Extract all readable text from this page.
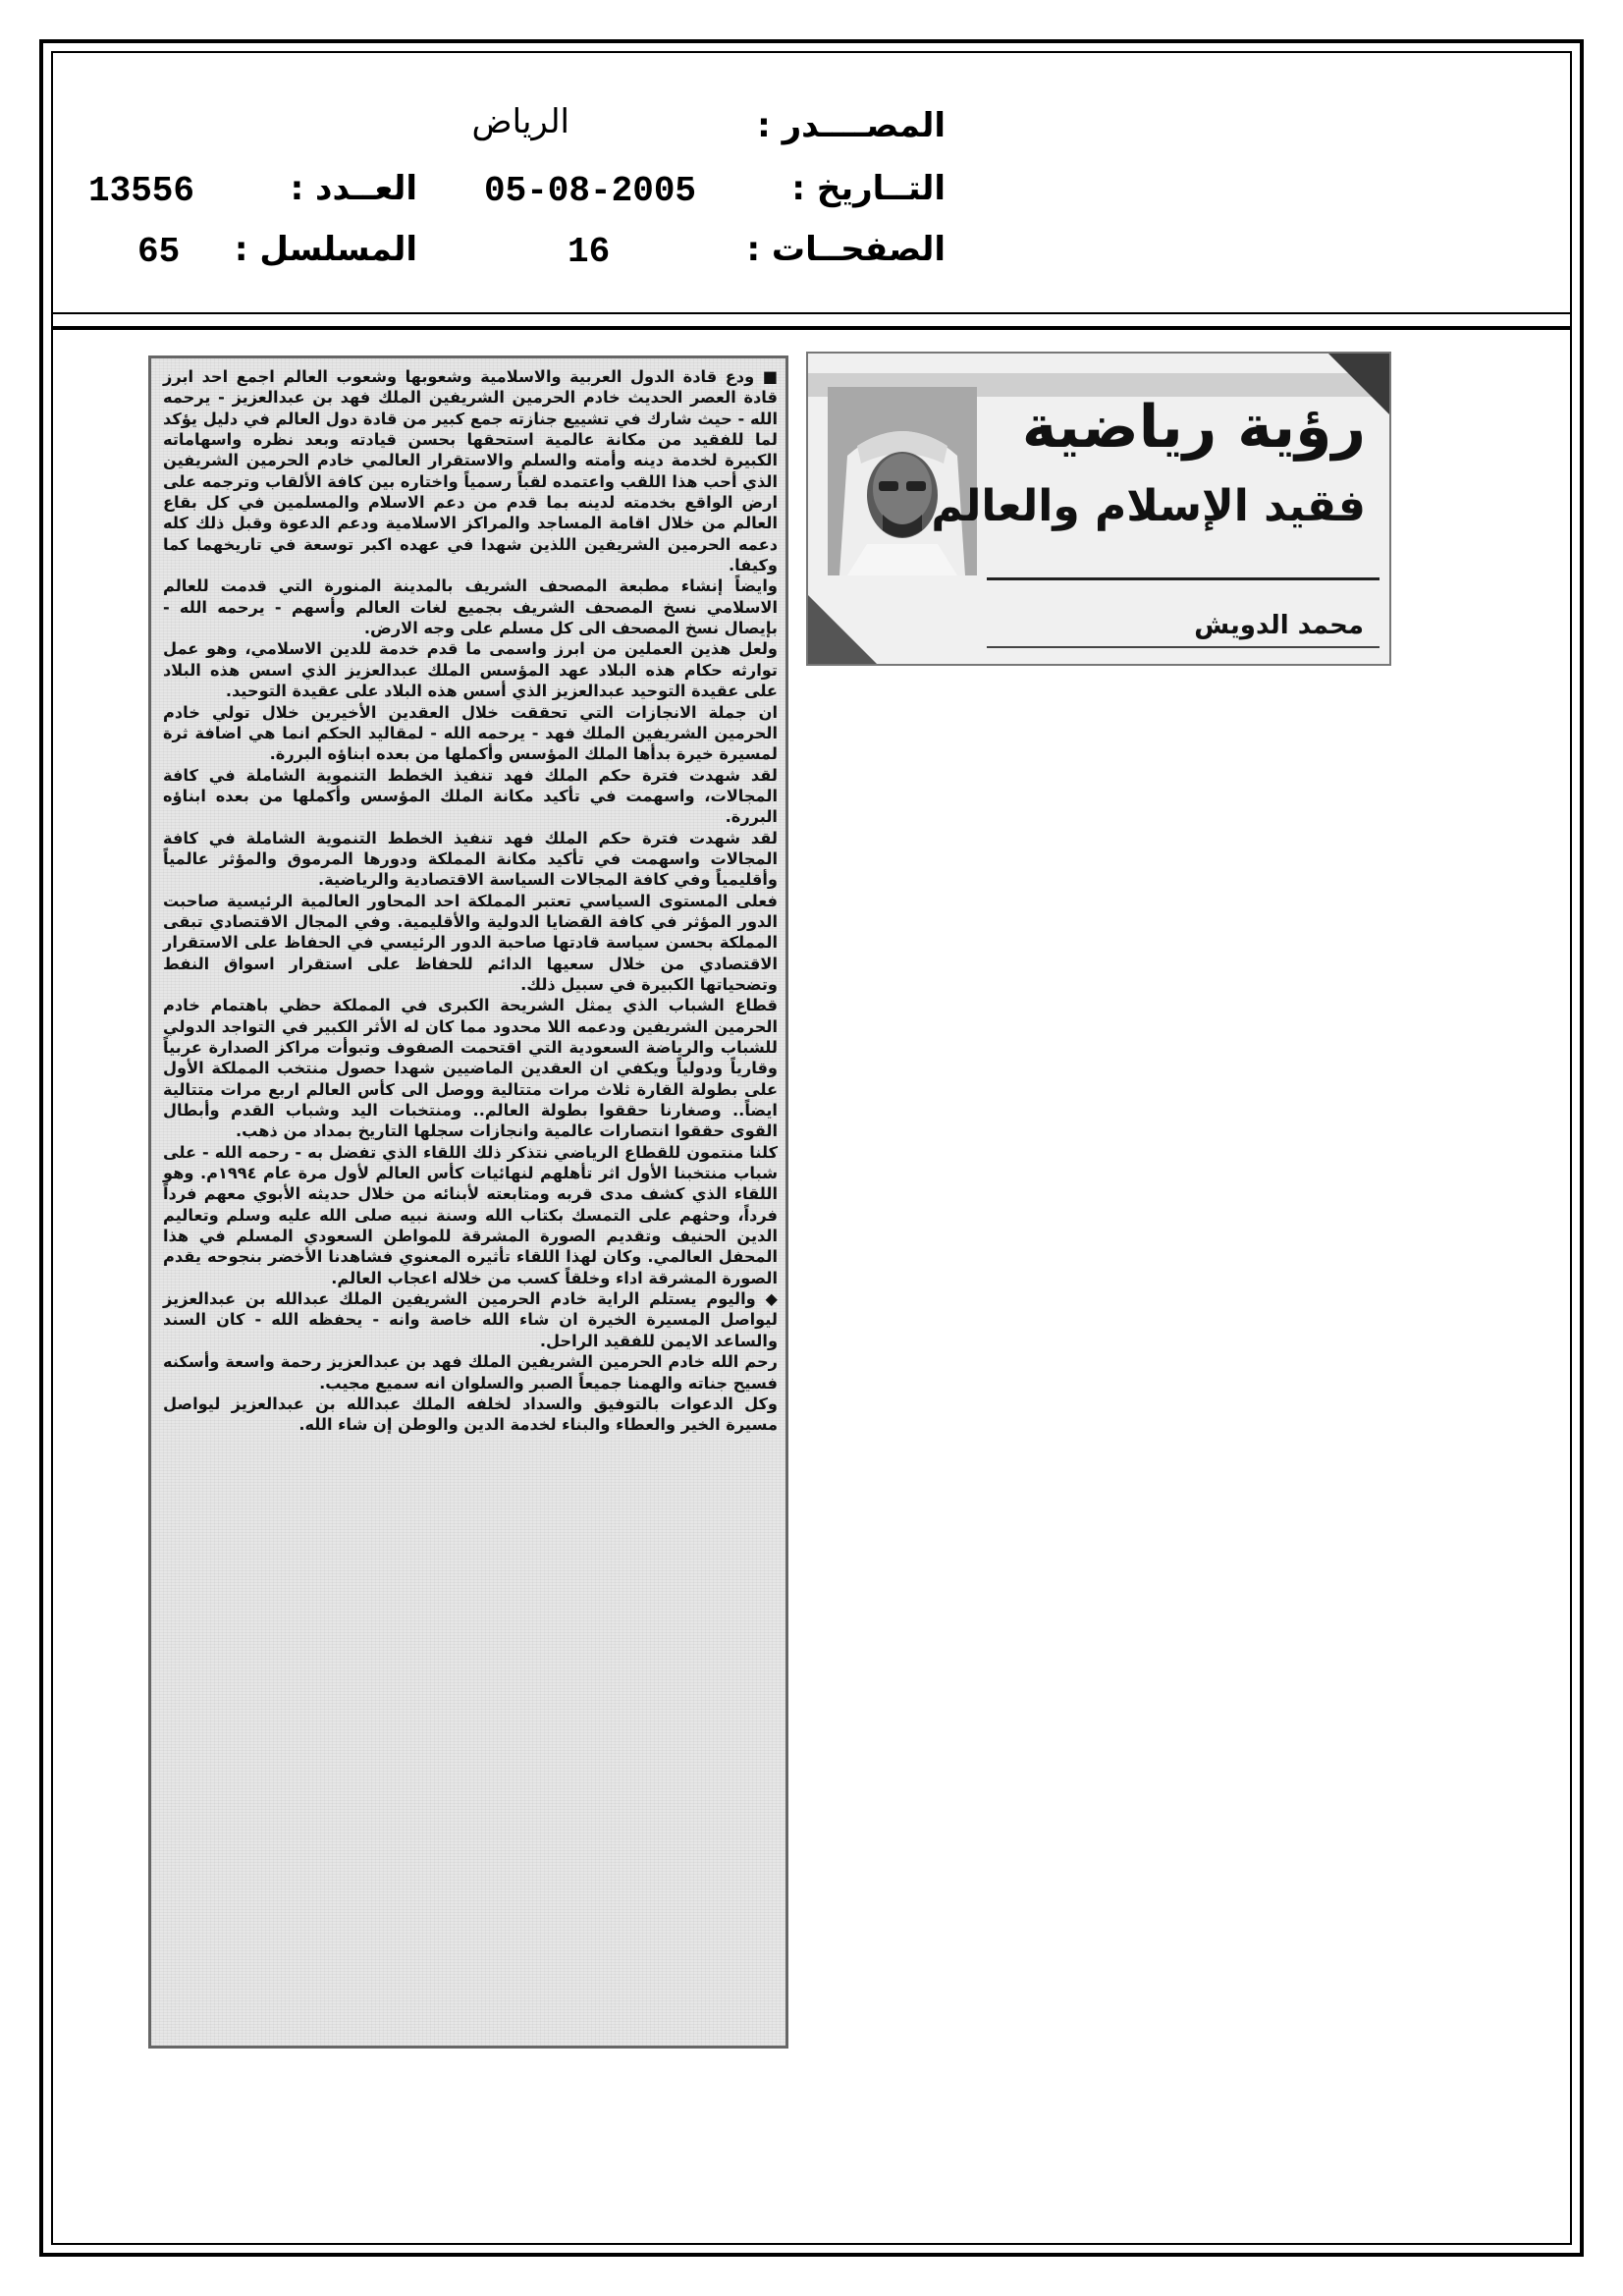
المصــــدر :
الرياض
التــاريخ :
05-08-2005
العــدد :
13556
الصفحــات :
16
المسلسل :
65
رؤية رياضية
فقيد الإسلام والعالم
محمد الدويش

■ ودع قادة الدول العربية والاسلامية وشعوبها وشعوب العالم اجمع احد ابرز قادة العصر الحديث خادم الحرمين الشريفين الملك فهد بن عبدالعزيز - يرحمه الله - حيث شارك في تشييع جنازته جمع كبير من قادة دول العالم في دليل يؤكد لما للفقيد من مكانة عالمية استحقها بحسن قيادته وبعد نظره واسهاماته الكبيرة لخدمة دينه وأمته والسلم والاستقرار العالمي خادم الحرمين الشريفين الذي أحب هذا اللقب واعتمده لقباً رسمياً واختاره بين كافة الألقاب وترجمه على ارض الواقع بخدمته لدينه بما قدم من دعم الاسلام والمسلمين في كل بقاع العالم من خلال اقامة المساجد والمراكز الاسلامية ودعم الدعوة وقبل ذلك كله دعمه الحرمين الشريفين اللذين شهدا في عهده اكبر توسعة في تاريخهما كما وكيفا.

وايضاً إنشاء مطبعة المصحف الشريف بالمدينة المنورة التي قدمت للعالم الاسلامي نسخ المصحف الشريف بجميع لغات العالم وأسهم - يرحمه الله - بإيصال نسخ المصحف الى كل مسلم على وجه الارض.

ولعل هذين العملين من ابرز واسمى ما قدم خدمة للدين الاسلامي، وهو عمل توارثه حكام هذه البلاد عهد المؤسس الملك عبدالعزيز الذي اسس هذه البلاد على عقيدة التوحيد عبدالعزيز الذي أسس هذه البلاد على عقيدة التوحيد.

ان جملة الانجازات التي تحققت خلال العقدين الأخيرين خلال تولي خادم الحرمين الشريفين الملك فهد - يرحمه الله - لمقاليد الحكم انما هي اضافة ثرة لمسيرة خيرة بدأها الملك المؤسس وأكملها من بعده ابناؤه البررة.

لقد شهدت فترة حكم الملك فهد تنفيذ الخطط التنموية الشاملة في كافة المجالات، واسهمت في تأكيد مكانة الملك المؤسس وأكملها من بعده ابناؤه البررة.

لقد شهدت فترة حكم الملك فهد تنفيذ الخطط التنموية الشاملة في كافة المجالات واسهمت في تأكيد مكانة المملكة ودورها المرموق والمؤثر عالمياً وأقليمياً وفي كافة المجالات السياسة الاقتصادية والرياضية.

فعلى المستوى السياسي تعتبر المملكة احد المحاور العالمية الرئيسية صاحبت الدور المؤثر في كافة القضايا الدولية والأقليمية. وفي المجال الاقتصادي تبقى المملكة بحسن سياسة قادتها صاحبة الدور الرئيسي في الحفاظ على الاستقرار الاقتصادي من خلال سعيها الدائم للحفاظ على استقرار اسواق النفط وتضحياتها الكبيرة في سبيل ذلك.

قطاع الشباب الذي يمثل الشريحة الكبرى في المملكة حظي باهتمام خادم الحرمين الشريفين ودعمه اللا محدود مما كان له الأثر الكبير في التواجد الدولي للشباب والرياضة السعودية التي اقتحمت الصفوف وتبوأت مراكز الصدارة عربياً وقارياً ودولياً ويكفي ان العقدين الماضيين شهدا حصول منتخب المملكة الأول على بطولة القارة ثلاث مرات متتالية ووصل الى كأس العالم اربع مرات متتالية ايضاً.. وصغارنا حققوا بطولة العالم.. ومنتخبات اليد وشباب القدم وأبطال القوى حققوا انتصارات عالمية وانجازات سجلها التاريخ بمداد من ذهب.

كلنا منتمون للقطاع الرياضي نتذكر ذلك اللقاء الذي تفضل به - رحمه الله - على شباب منتخبنا الأول اثر تأهلهم لنهائيات كأس العالم لأول مرة عام ١٩٩٤م. وهو اللقاء الذي كشف مدى قربه ومتابعته لأبنائه من خلال حديثه الأبوي معهم فرداً فرداً، وحثهم على التمسك بكتاب الله وسنة نبيه صلى الله عليه وسلم وتعاليم الدين الحنيف وتقديم الصورة المشرقة للمواطن السعودي المسلم في هذا المحفل العالمي. وكان لهذا اللقاء تأثيره المعنوي فشاهدنا الأخضر بنجوحه يقدم الصورة المشرقة اداء وخلقاً كسب من خلاله اعجاب العالم.

◆ واليوم يستلم الراية خادم الحرمين الشريفين الملك عبدالله بن عبدالعزيز ليواصل المسيرة الخيرة ان شاء الله خاصة وانه - يحفظه الله - كان السند والساعد الايمن للفقيد الراحل.

رحم الله خادم الحرمين الشريفين الملك فهد بن عبدالعزيز رحمة واسعة وأسكنه فسيح جناته والهمنا جميعاً الصبر والسلوان انه سميع مجيب.

وكل الدعوات بالتوفيق والسداد لخلفه الملك عبدالله بن عبدالعزيز ليواصل مسيرة الخير والعطاء والبناء لخدمة الدين والوطن إن شاء الله.
